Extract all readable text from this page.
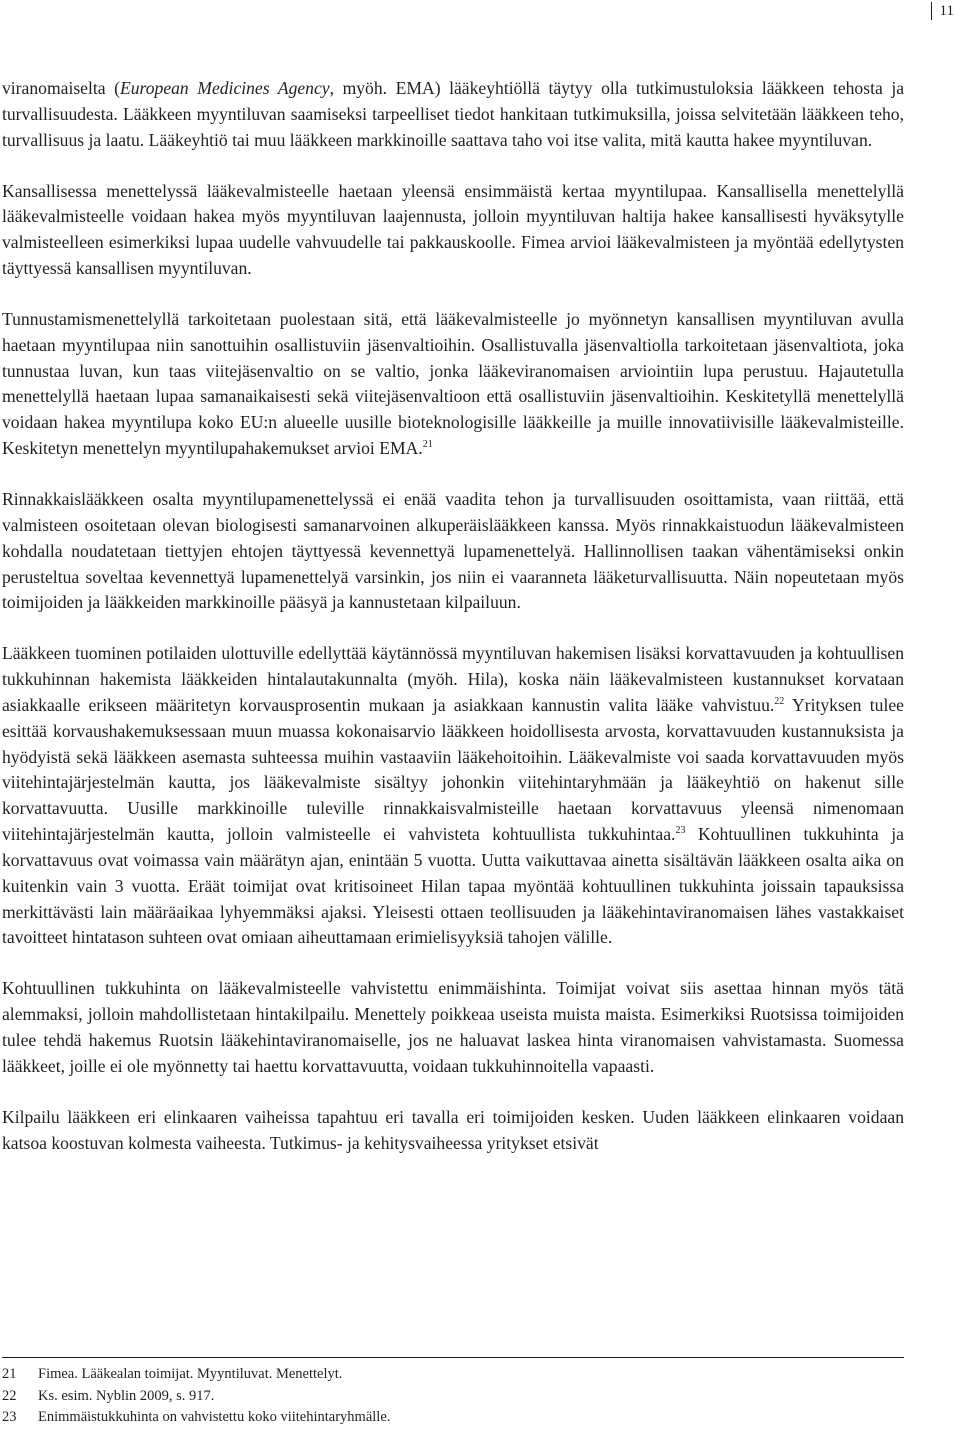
11

viranomaiselta (European Medicines Agency, myöh. EMA) lääkeyhtiöllä täytyy olla tutkimustuloksia lääkkeen tehosta ja turvallisuudesta. Lääkkeen myyntiluvan saamiseksi tarpeelliset tiedot hankitaan tutkimuksilla, joissa selvitetään lääkkeen teho, turvallisuus ja laatu. Lääkeyhtiö tai muu lääkkeen markkinoille saattava taho voi itse valita, mitä kautta hakee myyntiluvan.

Kansallisessa menettelyssä lääkevalmisteelle haetaan yleensä ensimmäistä kertaa myyntilupaa. Kansallisella menettelyllä lääkevalmisteelle voidaan hakea myös myyntiluvan laajennusta, jolloin myyntiluvan haltija hakee kansallisesti hyväksytylle valmisteelleen esimerkiksi lupaa uudelle vahvuudelle tai pakkauskoolle. Fimea arvioi lääkevalmisteen ja myöntää edellytysten täyttyessä kansallisen myyntiluvan.

Tunnustamismenettelyllä tarkoitetaan puolestaan sitä, että lääkevalmisteelle jo myönnetyn kansallisen myyntiluvan avulla haetaan myyntilupaa niin sanottuihin osallistuviin jäsenvaltioihin. Osallistuvalla jäsenvaltiolla tarkoitetaan jäsenvaltiota, joka tunnustaa luvan, kun taas viitejäsenvaltio on se valtio, jonka lääkeviranomaisen arviointiin lupa perustuu. Hajautetulla menettelyllä haetaan lupaa samanaikaisesti sekä viitejäsenvaltioon että osallistuviin jäsenvaltioihin. Keskitetyllä menettelyllä voidaan hakea myyntilupa koko EU:n alueelle uusille bioteknologisille lääkkeille ja muille innovatiivisille lääkevalmisteille. Keskitetyn menettelyn myyntilupahakemukset arvioi EMA.$^{21}$

Rinnakkaislääkkeen osalta myyntilupamenettelyssä ei enää vaadita tehon ja turvallisuuden osoittamista, vaan riittää, että valmisteen osoitetaan olevan biologisesti samanarvoinen alkuperäislääkkeen kanssa. Myös rinnakkaistuodun lääkevalmisteen kohdalla noudatetaan tiettyjen ehtojen täyttyessä kevennettyä lupamenettelyä. Hallinnollisen taakan vähentämiseksi onkin perusteltua soveltaa kevennettyä lupamenettelyä varsinkin, jos niin ei vaaranneta lääketurvallisuutta. Näin nopeutetaan myös toimijoiden ja lääkkeiden markkinoille pääsyä ja kannustetaan kilpailuun.

Lääkkeen tuominen potilaiden ulottuville edellyttää käytännössä myyntiluvan hakemisen lisäksi korvattavuuden ja kohtuullisen tukkuhinnan hakemista lääkkeiden hintalautakunnalta (myöh. Hila), koska näin lääkevalmisteen kustannukset korvataan asiakkaalle erikseen määritetyn korvausprosentin mukaan ja asiakkaan kannustin valita lääke vahvistuu.$^{22}$ Yrityksen tulee esittää korvaushakemuksessaan muun muassa kokonaisarvio lääkkeen hoidollisesta arvosta, korvattavuuden kustannuksista ja hyödyistä sekä lääkkeen asemasta suhteessa muihin vastaaviin lääkehoitoihin. Lääkevalmiste voi saada korvattavuuden myös viitehintajärjestelmän kautta, jos lääkevalmiste sisältyy johonkin viitehintaryhmään ja lääkeyhtiö on hakenut sille korvattavuutta. Uusille markkinoille tuleville rinnakkaisvalmisteille haetaan korvattavuus yleensä nimenomaan viitehintajärjestelmän kautta, jolloin valmisteelle ei vahvisteta kohtuullista tukkuhintaa.$^{23}$ Kohtuullinen tukkuhinta ja korvattavuus ovat voimassa vain määrätyn ajan, enintään 5 vuotta. Uutta vaikuttavaa ainetta sisältävän lääkkeen osalta aika on kuitenkin vain 3 vuotta. Eräät toimijat ovat kritisoineet Hilan tapaa myöntää kohtuullinen tukkuhinta joissain tapauksissa merkittävästi lain määräaikaa lyhyemmäksi ajaksi. Yleisesti ottaen teollisuuden ja lääkehintaviranomaisen lähes vastakkaiset tavoitteet hintatason suhteen ovat omiaan aiheuttamaan erimielisyyksiä tahojen välille.

Kohtuullinen tukkuhinta on lääkevalmisteelle vahvistettu enimmäishinta. Toimijat voivat siis asettaa hinnan myös tätä alemmaksi, jolloin mahdollistetaan hintakilpailu. Menettely poikkeaa useista muista maista. Esimerkiksi Ruotsissa toimijoiden tulee tehdä hakemus Ruotsin lääkehintaviranomaiselle, jos ne haluavat laskea hinta viranomaisen vahvistamasta. Suomessa lääkkeet, joille ei ole myönnetty tai haettu korvattavuutta, voidaan tukkuhinnoitella vapaasti.

Kilpailu lääkkeen eri elinkaaren vaiheissa tapahtuu eri tavalla eri toimijoiden kesken. Uuden lääkkeen elinkaaren voidaan katsoa koostuvan kolmesta vaiheesta. Tutkimus- ja kehitysvaiheessa yritykset etsivät

21	Fimea. Lääkealan toimijat. Myyntiluvat. Menettelyt.
22	Ks. esim. Nyblin 2009, s. 917.
23	Enimmäistukkuhinta on vahvistettu koko viitehintaryhmälle.
